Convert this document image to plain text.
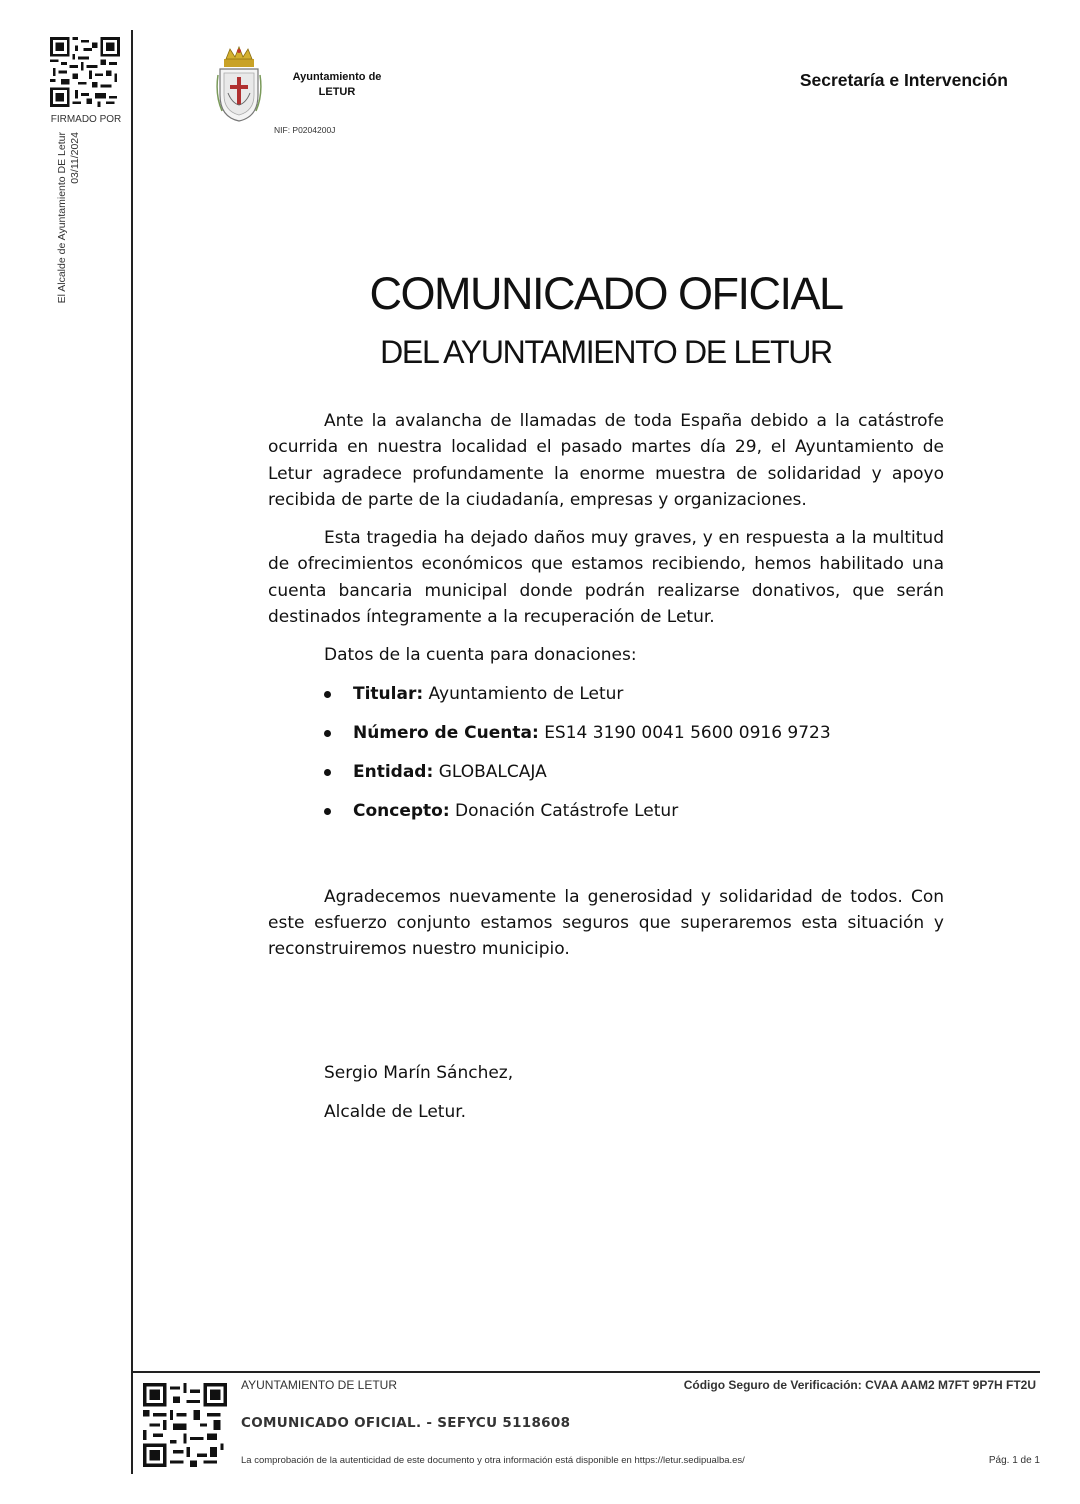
FIRMADO POR
El Alcalde de Ayuntamiento DE Letur 03/11/2024
Ayuntamiento de
LETUR
NIF: P0204200J
Secretaría e Intervención
COMUNICADO OFICIAL
DEL AYUNTAMIENTO DE LETUR

Ante la avalancha de llamadas de toda España debido a la catástrofe ocurrida en nuestra localidad el pasado martes día 29, el Ayuntamiento de Letur agradece profundamente la enorme muestra de solidaridad y apoyo recibida de parte de la ciudadanía, empresas y organizaciones.

Esta tragedia ha dejado daños muy graves, y en respuesta a la multitud de ofrecimientos económicos que estamos recibiendo, hemos habilitado una cuenta bancaria municipal donde podrán realizarse donativos, que serán destinados íntegramente a la recuperación de Letur.

Datos de la cuenta para donaciones:

Titular: Ayuntamiento de Letur
Número de Cuenta: ES14 3190 0041 5600 0916 9723
Entidad: GLOBALCAJA
Concepto: Donación Catástrofe Letur

Agradecemos nuevamente la generosidad y solidaridad de todos. Con este esfuerzo conjunto estamos seguros que superaremos esta situación y reconstruiremos nuestro municipio.

Sergio Marín Sánchez,

Alcalde de Letur.

AYUNTAMIENTO DE LETUR	Código Seguro de Verificación: CVAA AAM2 M7FT 9P7H FT2U
COMUNICADO OFICIAL. - SEFYCU 5118608
La comprobación de la autenticidad de este documento y otra información está disponible en https://letur.sedipualba.es/	Pág. 1 de 1
